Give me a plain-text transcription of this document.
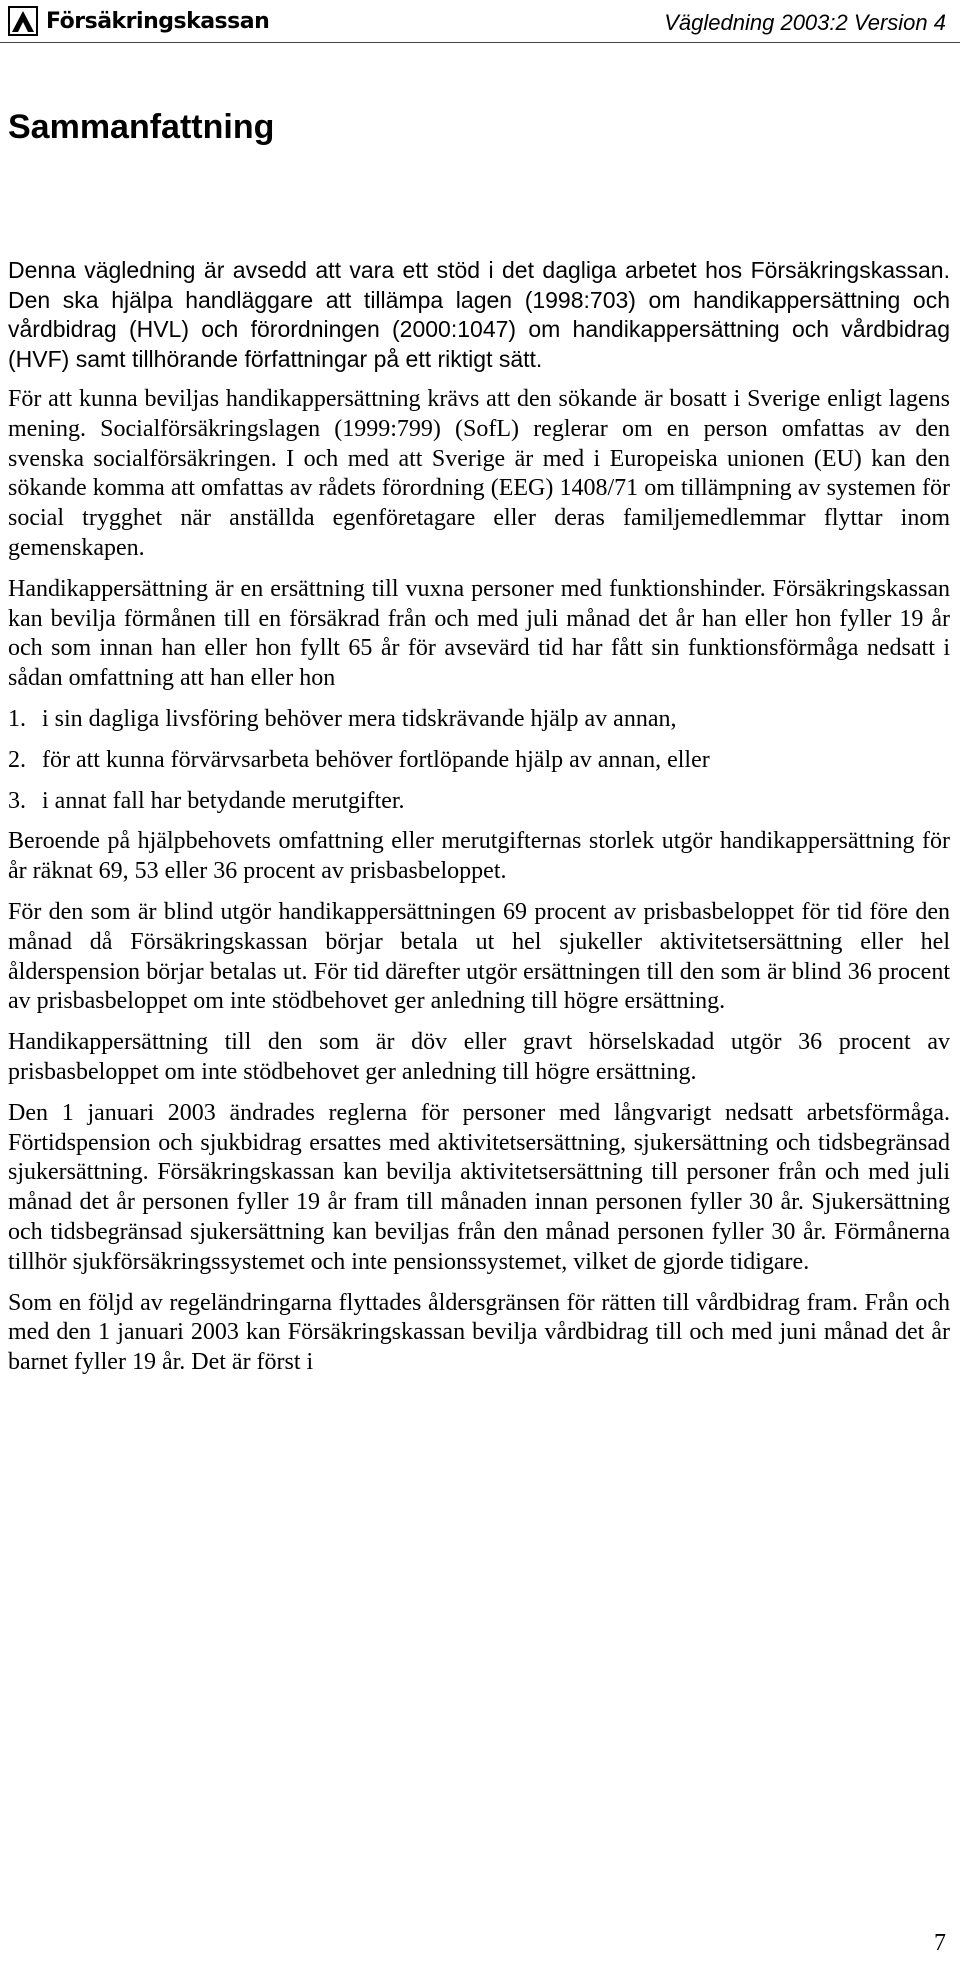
Försäkringskassan	Vägledning 2003:2 Version 4
Sammanfattning

Denna vägledning är avsedd att vara ett stöd i det dagliga arbetet hos Försäkringskassan. Den ska hjälpa handläggare att tillämpa lagen (1998:703) om handikappersättning och vårdbidrag (HVL) och förordningen (2000:1047) om handikappersättning och vårdbidrag (HVF) samt tillhörande författningar på ett riktigt sätt.

För att kunna beviljas handikappersättning krävs att den sökande är bosatt i Sverige enligt lagens mening. Socialförsäkringslagen (1999:799) (SofL) reglerar om en person omfattas av den svenska socialförsäkringen. I och med att Sverige är med i Europeiska unionen (EU) kan den sökande komma att omfattas av rådets förordning (EEG) 1408/71 om tillämpning av systemen för social trygghet när anställda egenföretagare eller deras familjemedlemmar flyttar inom gemenskapen.

Handikappersättning är en ersättning till vuxna personer med funktionshinder. Försäkringskassan kan bevilja förmånen till en försäkrad från och med juli månad det år han eller hon fyller 19 år och som innan han eller hon fyllt 65 år för avsevärd tid har fått sin funktionsförmåga nedsatt i sådan omfattning att han eller hon

1. i sin dagliga livsföring behöver mera tidskrävande hjälp av annan,
2. för att kunna förvärvsarbeta behöver fortlöpande hjälp av annan, eller
3. i annat fall har betydande merutgifter.

Beroende på hjälpbehovets omfattning eller merutgifternas storlek utgör handikappersättning för år räknat 69, 53 eller 36 procent av prisbasbeloppet.

För den som är blind utgör handikappersättningen 69 procent av prisbasbeloppet för tid före den månad då Försäkringskassan börjar betala ut hel sjukeller aktivitetsersättning eller hel ålderspension börjar betalas ut. För tid därefter utgör ersättningen till den som är blind 36 procent av prisbasbeloppet om inte stödbehovet ger anledning till högre ersättning.

Handikappersättning till den som är döv eller gravt hörselskadad utgör 36 procent av prisbasbeloppet om inte stödbehovet ger anledning till högre ersättning.

Den 1 januari 2003 ändrades reglerna för personer med långvarigt nedsatt arbetsförmåga. Förtidspension och sjukbidrag ersattes med aktivitetsersättning, sjukersättning och tidsbegränsad sjukersättning. Försäkringskassan kan bevilja aktivitetsersättning till personer från och med juli månad det år personen fyller 19 år fram till månaden innan personen fyller 30 år. Sjukersättning och tidsbegränsad sjukersättning kan beviljas från den månad personen fyller 30 år. Förmånerna tillhör sjukförsäkringssystemet och inte pensionssystemet, vilket de gjorde tidigare.

Som en följd av regeländringarna flyttades åldersgränsen för rätten till vårdbidrag fram. Från och med den 1 januari 2003 kan Försäkringskassan bevilja vårdbidrag till och med juni månad det år barnet fyller 19 år. Det är först i

7
